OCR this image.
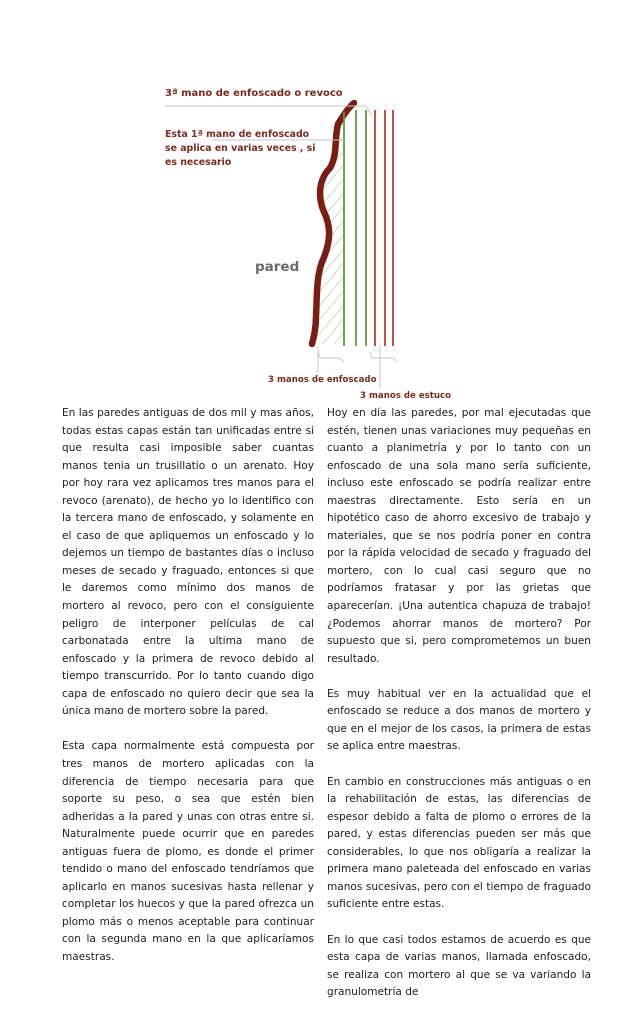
3ª mano de enfoscado o revoco
Esta 1ª mano de enfoscado
se aplica en varias veces , si
es necesario
pared
3 manos de enfoscado
3 manos de estuco

En las paredes antiguas de dos mil y mas años, todas estas capas están tan unificadas entre si que resulta casi imposible saber cuantas manos tenia un trusillatio o un arenato. Hoy por hoy rara vez aplicamos tres manos para el revoco (arenato), de hecho yo lo identifico con la tercera mano de enfoscado, y solamente en el caso de que apliquemos un enfoscado y lo dejemos un tiempo de bastantes días o incluso meses de secado y fraguado, entonces si que le daremos como mínimo dos manos de mortero al revoco, pero con el consiguiente peligro de interponer películas de cal carbonatada entre la ultima mano de enfoscado y la primera de revoco debido al tiempo transcurrido. Por lo tanto cuando digo capa de enfoscado no quiero decir que sea la única mano de mortero sobre la pared.

Esta capa normalmente está compuesta por tres manos de mortero aplicadas con la diferencia de tiempo necesaria para que soporte su peso, o sea que estén bien adheridas a la pared y unas con otras entre si. Naturalmente puede ocurrir que en paredes antiguas fuera de plomo, es donde el primer tendido o mano del enfoscado tendríamos que aplicarlo en manos sucesivas hasta rellenar y completar los huecos y que la pared ofrezca un plomo más o menos aceptable para continuar con la segunda mano en la que aplicaríamos maestras.

Hoy en día las paredes, por mal ejecutadas que estén, tienen unas variaciones muy pequeñas en cuanto a planimetría y por lo tanto con un enfoscado de una sola mano sería suficiente, incluso este enfoscado se podría realizar entre maestras directamente. Esto sería en un hipotético caso de ahorro excesivo de trabajo y materiales, que se nos podría poner en contra por la rápida velocidad de secado y fraguado del mortero, con lo cual casi seguro que no podríamos fratasar y por las grietas que aparecerían. ¡Una autentica chapuza de trabajo! ¿Podemos ahorrar manos de mortero? Por supuesto que si, pero comprometemos un buen resultado.

Es muy habitual ver en la actualidad que el enfoscado se reduce a dos manos de mortero y que en el mejor de los casos, la primera de estas se aplica entre maestras.

En cambio en construcciones más antiguas o en la rehabilitación de estas, las diferencias de espesor debido a falta de plomo o errores de la pared, y estas diferencias pueden ser más que considerables, lo que nos obligaría a realizar la primera mano paleteada del enfoscado en varias manos sucesivas, pero con el tiempo de fraguado suficiente entre estas.

En lo que casi todos estamos de acuerdo es que esta capa de varias manos, llamada enfoscado, se realiza con mortero al que se va variando la granulometría de
